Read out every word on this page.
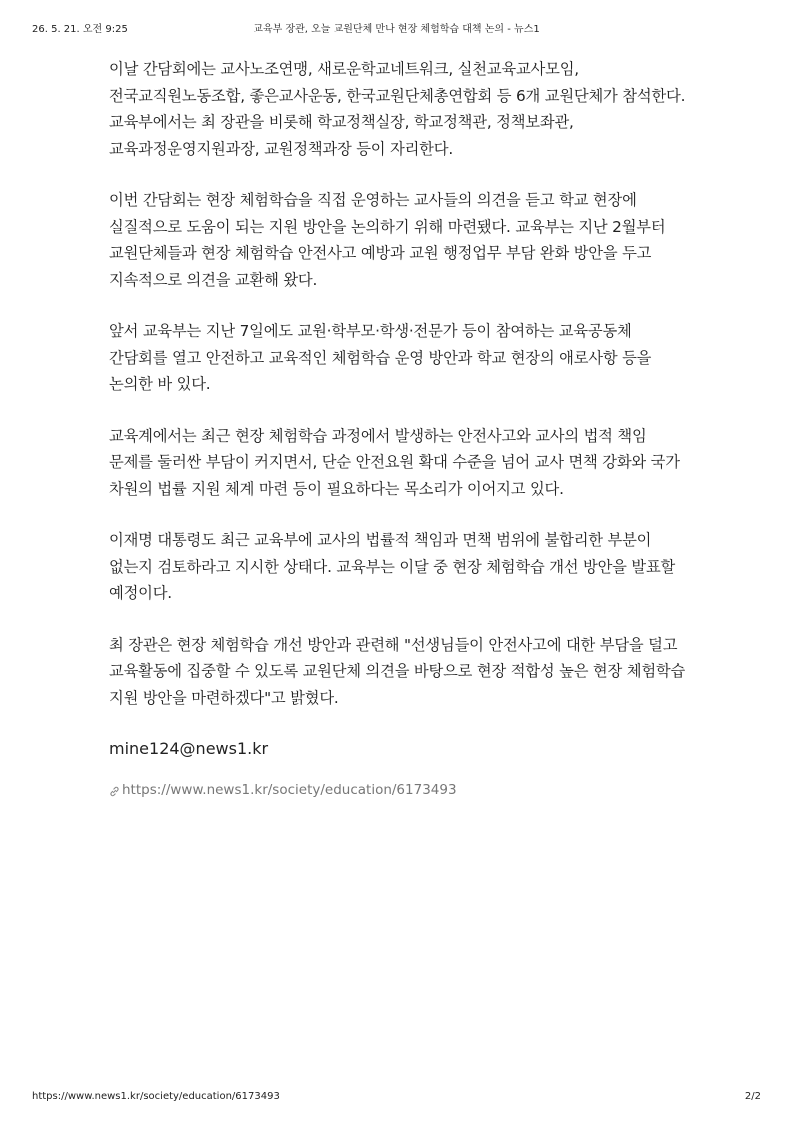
26. 5. 21. 오전 9:25	교육부 장관, 오늘 교원단체 만나 현장 체험학습 대책 논의 - 뉴스1

이날 간담회에는 교사노조연맹, 새로운학교네트워크, 실천교육교사모임, 전국교직원노동조합, 좋은교사운동, 한국교원단체총연합회 등 6개 교원단체가 참석한다. 교육부에서는 최 장관을 비롯해 학교정책실장, 학교정책관, 정책보좌관, 교육과정운영지원과장, 교원정책과장 등이 자리한다.

이번 간담회는 현장 체험학습을 직접 운영하는 교사들의 의견을 듣고 학교 현장에 실질적으로 도움이 되는 지원 방안을 논의하기 위해 마련됐다. 교육부는 지난 2월부터 교원단체들과 현장 체험학습 안전사고 예방과 교원 행정업무 부담 완화 방안을 두고 지속적으로 의견을 교환해 왔다.

앞서 교육부는 지난 7일에도 교원·학부모·학생·전문가 등이 참여하는 교육공동체 간담회를 열고 안전하고 교육적인 체험학습 운영 방안과 학교 현장의 애로사항 등을 논의한 바 있다.

교육계에서는 최근 현장 체험학습 과정에서 발생하는 안전사고와 교사의 법적 책임 문제를 둘러싼 부담이 커지면서, 단순 안전요원 확대 수준을 넘어 교사 면책 강화와 국가 차원의 법률 지원 체계 마련 등이 필요하다는 목소리가 이어지고 있다.

이재명 대통령도 최근 교육부에 교사의 법률적 책임과 면책 범위에 불합리한 부분이 없는지 검토하라고 지시한 상태다. 교육부는 이달 중 현장 체험학습 개선 방안을 발표할 예정이다.

최 장관은 현장 체험학습 개선 방안과 관련해 "선생님들이 안전사고에 대한 부담을 덜고 교육활동에 집중할 수 있도록 교원단체 의견을 바탕으로 현장 적합성 높은 현장 체험학습 지원 방안을 마련하겠다"고 밝혔다.

mine124@news1.kr
https://www.news1.kr/society/education/6173493
https://www.news1.kr/society/education/6173493	2/2
